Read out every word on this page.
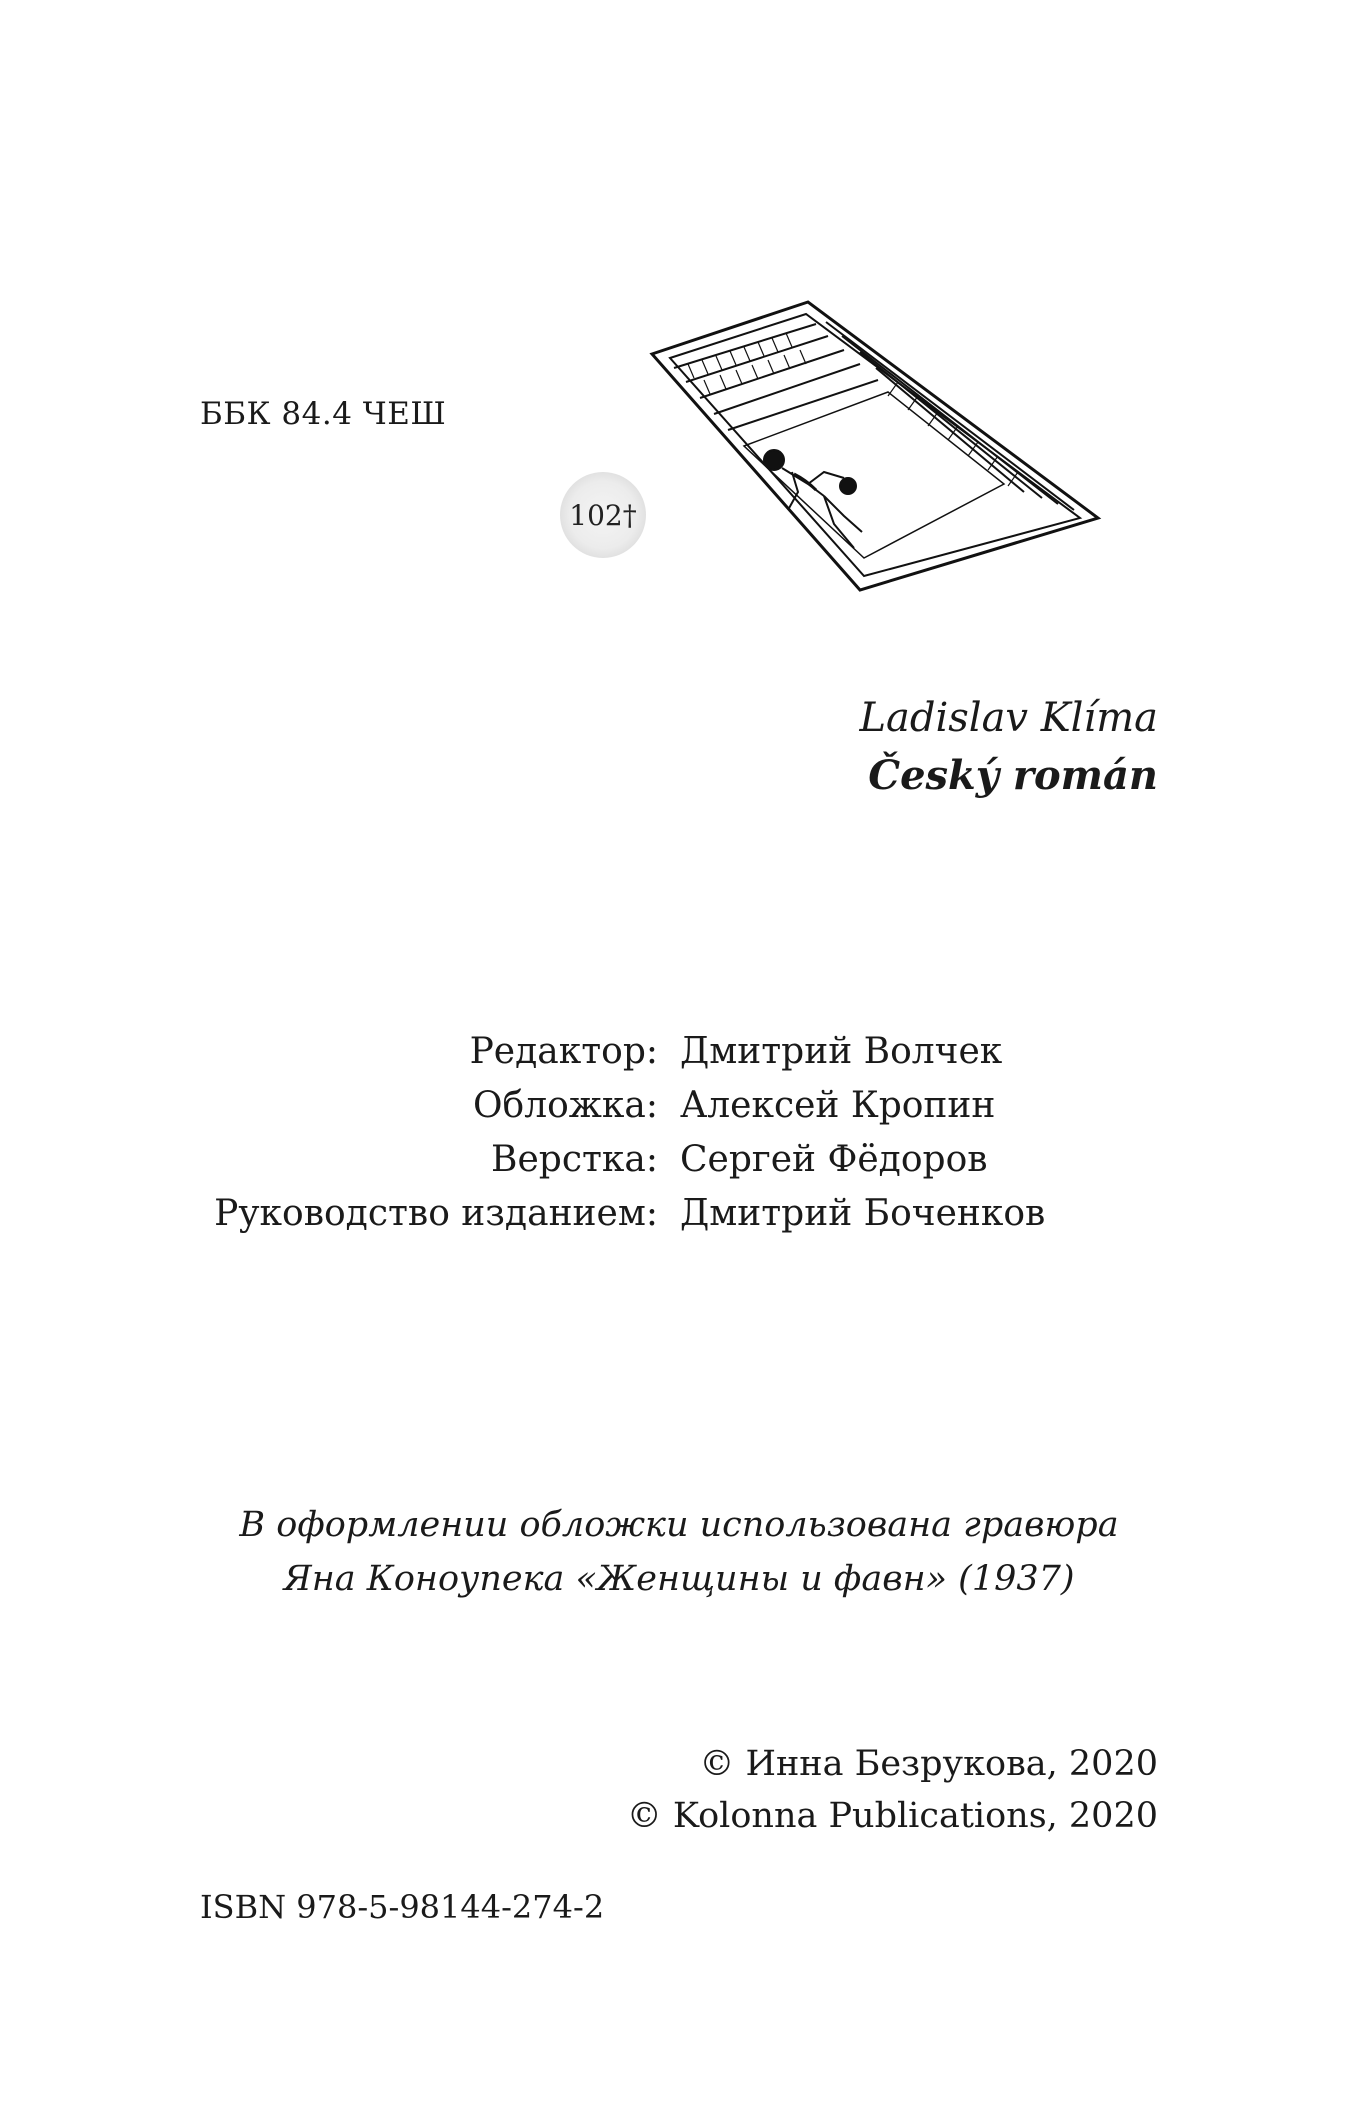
ББК 84.4 ЧЕШ
102†
Ladislav Klíma
Český román
Редактор: Дмитрий Волчек
Обложка: Алексей Кропин
Верстка: Сергей Фёдоров
Руководство изданием: Дмитрий Боченков
В оформлении обложки использована гравюра
Яна Коноупека «Женщины и фавн» (1937)
© Инна Безрукова, 2020
© Kolonna Publications, 2020
ISBN 978-5-98144-274-2
